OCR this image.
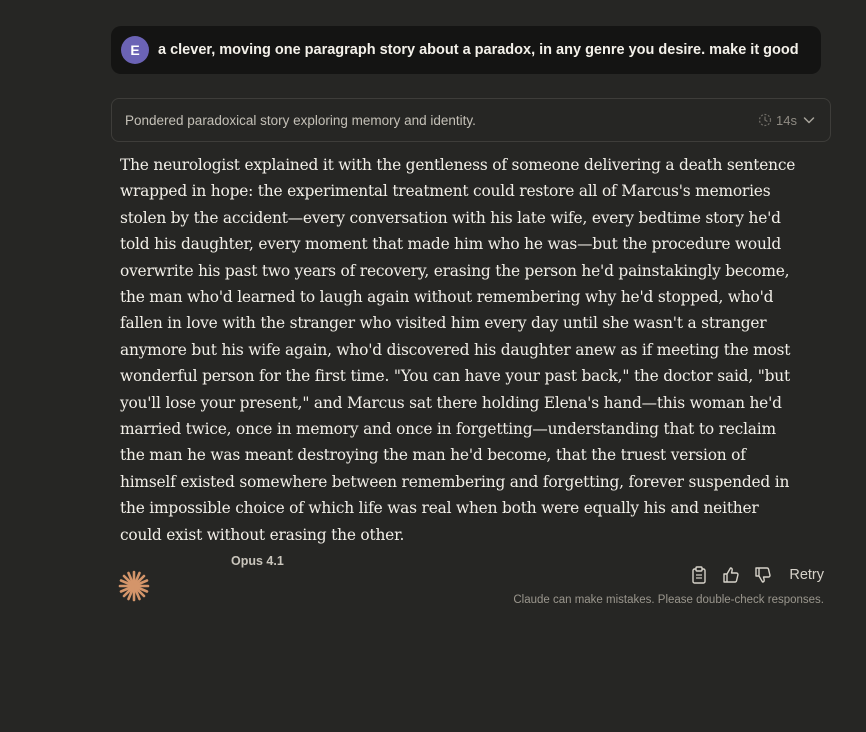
E	a clever, moving one paragraph story about a paradox, in any genre you desire. make it good
Pondered paradoxical story exploring memory and identity.	14s

The neurologist explained it with the gentleness of someone delivering a death sentence wrapped in hope: the experimental treatment could restore all of Marcus's memories stolen by the accident—every conversation with his late wife, every bedtime story he'd told his daughter, every moment that made him who he was—but the procedure would overwrite his past two years of recovery, erasing the person he'd painstakingly become, the man who'd learned to laugh again without remembering why he'd stopped, who'd fallen in love with the stranger who visited him every day until she wasn't a stranger anymore but his wife again, who'd discovered his daughter anew as if meeting the most wonderful person for the first time. "You can have your past back," the doctor said, "but you'll lose your present," and Marcus sat there holding Elena's hand—this woman he'd married twice, once in memory and once in forgetting—understanding that to reclaim the man he was meant destroying the man he'd become, that the truest version of himself existed somewhere between remembering and forgetting, forever suspended in the impossible choice of which life was real when both were equally his and neither could exist without erasing the other.

Opus 4.1
Retry
Claude can make mistakes. Please double-check responses.
